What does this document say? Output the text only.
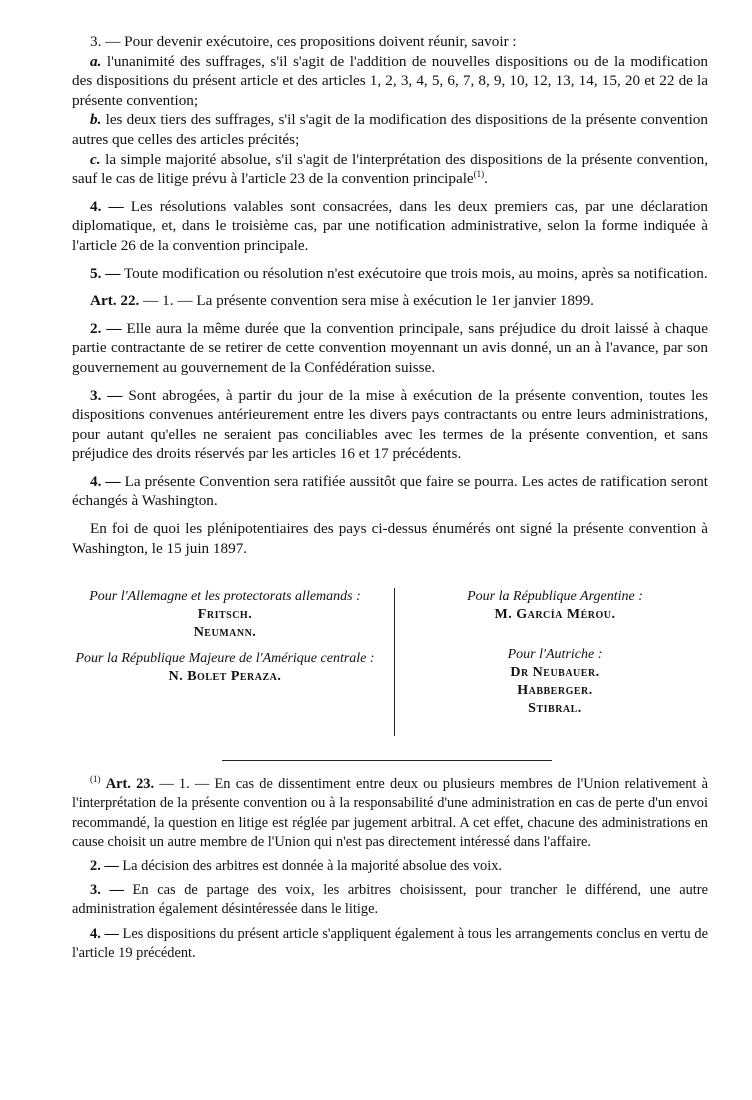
3. — Pour devenir exécutoire, ces propositions doivent réunir, savoir :

a. l'unanimité des suffrages, s'il s'agit de l'addition de nouvelles dispositions ou de la modification des dispositions du présent article et des articles 1, 2, 3, 4, 5, 6, 7, 8, 9, 10, 12, 13, 14, 15, 20 et 22 de la présente convention;

b. les deux tiers des suffrages, s'il s'agit de la modification des dispositions de la présente convention autres que celles des articles précités;

c. la simple majorité absolue, s'il s'agit de l'interprétation des dispositions de la présente convention, sauf le cas de litige prévu à l'article 23 de la convention principale$^{(1)}$.

4. — Les résolutions valables sont consacrées, dans les deux premiers cas, par une déclaration diplomatique, et, dans le troisième cas, par une notification administrative, selon la forme indiquée à l'article 26 de la convention principale.

5. — Toute modification ou résolution n'est exécutoire que trois mois, au moins, après sa notification.

Art. 22. — 1. — La présente convention sera mise à exécution le 1er janvier 1899.

2. — Elle aura la même durée que la convention principale, sans préjudice du droit laissé à chaque partie contractante de se retirer de cette convention moyennant un avis donné, un an à l'avance, par son gouvernement au gouvernement de la Confédération suisse.

3. — Sont abrogées, à partir du jour de la mise à exécution de la présente convention, toutes les dispositions convenues antérieurement entre les divers pays contractants ou entre leurs administrations, pour autant qu'elles ne seraient pas conciliables avec les termes de la présente convention, et sans préjudice des droits réservés par les articles 16 et 17 précédents.

4. — La présente Convention sera ratifiée aussitôt que faire se pourra. Les actes de ratification seront échangés à Washington.

En foi de quoi les plénipotentiaires des pays ci-dessus énumérés ont signé la présente convention à Washington, le 15 juin 1897.

Pour l'Allemagne et les protectorats allemands :
Fritsch.
Neumann.
Pour la République Majeure de l'Amérique centrale :
N. Bolet Peraza.
Pour la République Argentine :
M. García Mérou.
Pour l'Autriche :
Dr Neubauer.
Habberger.
Stibral.

$^{(1)}$ Art. 23. — 1. — En cas de dissentiment entre deux ou plusieurs membres de l'Union relativement à l'interprétation de la présente convention ou à la responsabilité d'une administration en cas de perte d'un envoi recommandé, la question en litige est réglée par jugement arbitral. A cet effet, chacune des administrations en cause choisit un autre membre de l'Union qui n'est pas directement intéressé dans l'affaire.

2. — La décision des arbitres est donnée à la majorité absolue des voix.

3. — En cas de partage des voix, les arbitres choisissent, pour trancher le différend, une autre administration également désintéressée dans le litige.

4. — Les dispositions du présent article s'appliquent également à tous les arrangements conclus en vertu de l'article 19 précédent.
